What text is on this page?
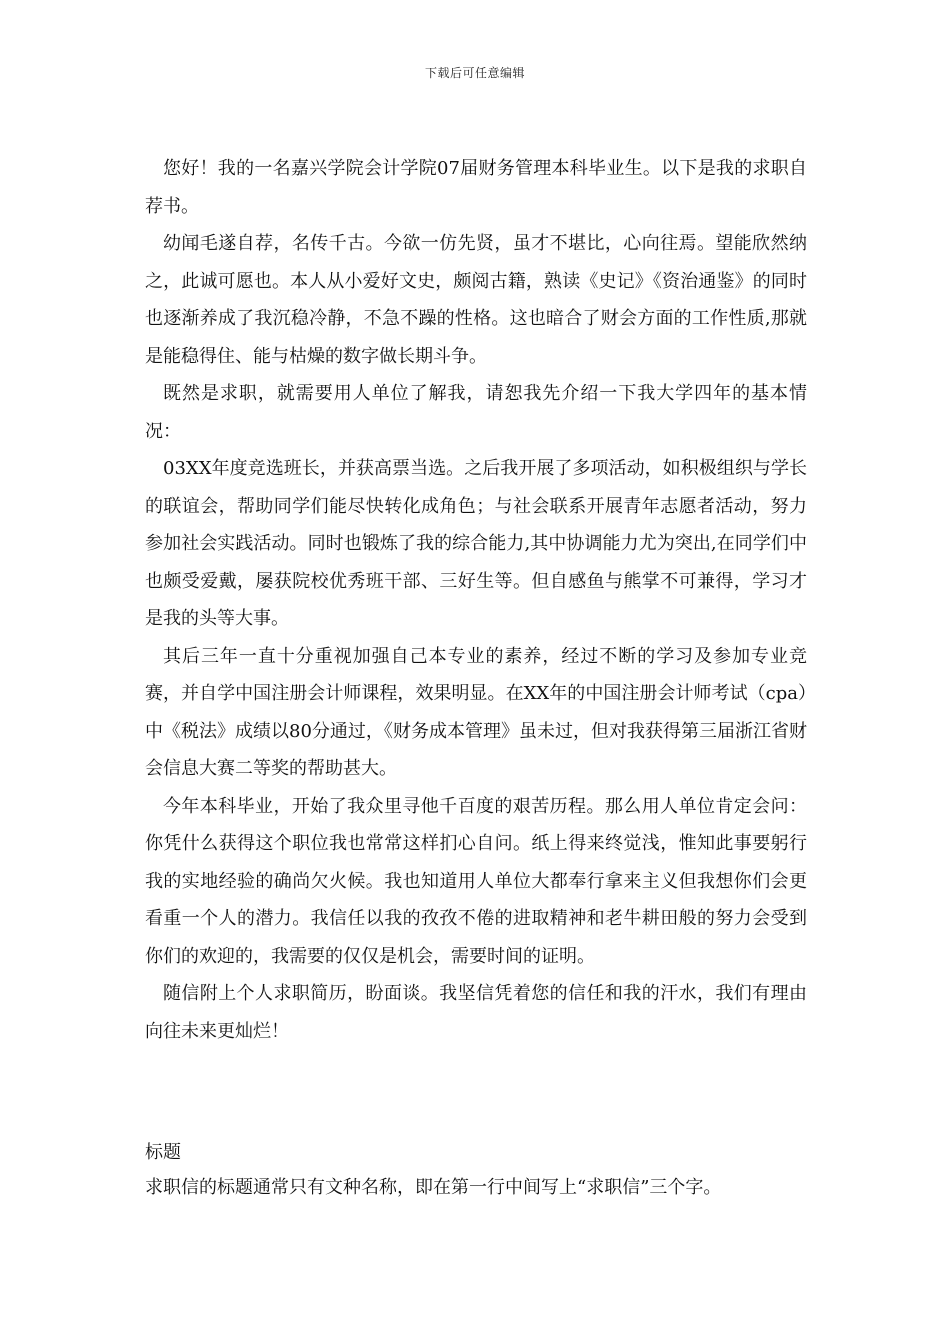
下载后可任意编辑

您好！我的一名嘉兴学院会计学院07届财务管理本科毕业生。以下是我的求职自荐书。

幼闻毛遂自荐，名传千古。今欲一仿先贤，虽才不堪比，心向往焉。望能欣然纳之，此诚可愿也。本人从小爱好文史，颇阅古籍，熟读《史记》《资治通鉴》的同时也逐渐养成了我沉稳冷静，不急不躁的性格。这也暗合了财会方面的工作性质,那就是能稳得住、能与枯燥的数字做长期斗争。

既然是求职，就需要用人单位了解我，请恕我先介绍一下我大学四年的基本情况：

03XX年度竞选班长，并获高票当选。之后我开展了多项活动，如积极组织与学长的联谊会，帮助同学们能尽快转化成角色；与社会联系开展青年志愿者活动，努力参加社会实践活动。同时也锻炼了我的综合能力,其中协调能力尤为突出,在同学们中也颇受爱戴，屡获院校优秀班干部、三好生等。但自感鱼与熊掌不可兼得，学习才是我的头等大事。

其后三年一直十分重视加强自己本专业的素养，经过不断的学习及参加专业竞赛，并自学中国注册会计师课程，效果明显。在XX年的中国注册会计师考试（cpa）中《税法》成绩以80分通过，《财务成本管理》虽未过，但对我获得第三届浙江省财会信息大赛二等奖的帮助甚大。

今年本科毕业，开始了我众里寻他千百度的艰苦历程。那么用人单位肯定会问：你凭什么获得这个职位我也常常这样扪心自问。纸上得来终觉浅，惟知此事要躬行我的实地经验的确尚欠火候。我也知道用人单位大都奉行拿来主义但我想你们会更看重一个人的潜力。我信任以我的孜孜不倦的进取精神和老牛耕田般的努力会受到你们的欢迎的，我需要的仅仅是机会，需要时间的证明。

随信附上个人求职简历，盼面谈。我坚信凭着您的信任和我的汗水，我们有理由向往未来更灿烂！

标题
求职信的标题通常只有文种名称，即在第一行中间写上“求职信”三个字。
